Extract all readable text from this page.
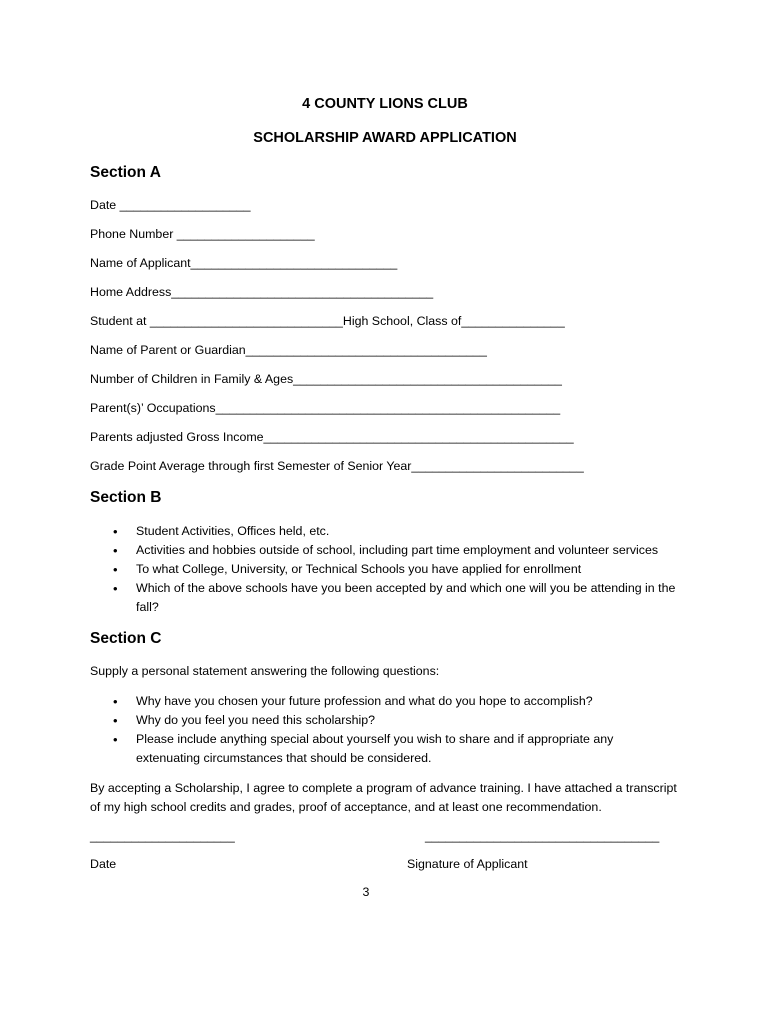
4 COUNTY LIONS CLUB
SCHOLARSHIP AWARD APPLICATION
Section A
Date ___________________
Phone Number ____________________
Name of Applicant______________________________
Home Address______________________________________
Student at ____________________________High School, Class of_______________
Name of Parent or Guardian___________________________________
Number of Children in Family & Ages_______________________________________
Parent(s)’ Occupations__________________________________________________
Parents adjusted Gross Income_____________________________________________
Grade Point Average through first Semester of Senior Year_________________________
Section B
• Student Activities, Offices held, etc.
• Activities and hobbies outside of school, including part time employment and volunteer services
• To what College, University, or Technical Schools you have applied for enrollment
• Which of the above schools have you been accepted by and which one will you be attending in the fall?
Section C
Supply a personal statement answering the following questions:
• Why have you chosen your future profession and what do you hope to accomplish?
• Why do you feel you need this scholarship?
• Please include anything special about yourself you wish to share and if appropriate any extenuating circumstances that should be considered.
By accepting a Scholarship, I agree to complete a program of advance training. I have attached a transcript of my high school credits and grades, proof of acceptance, and at least one recommendation.
_____________________	__________________________________
Date	Signature of Applicant
3
